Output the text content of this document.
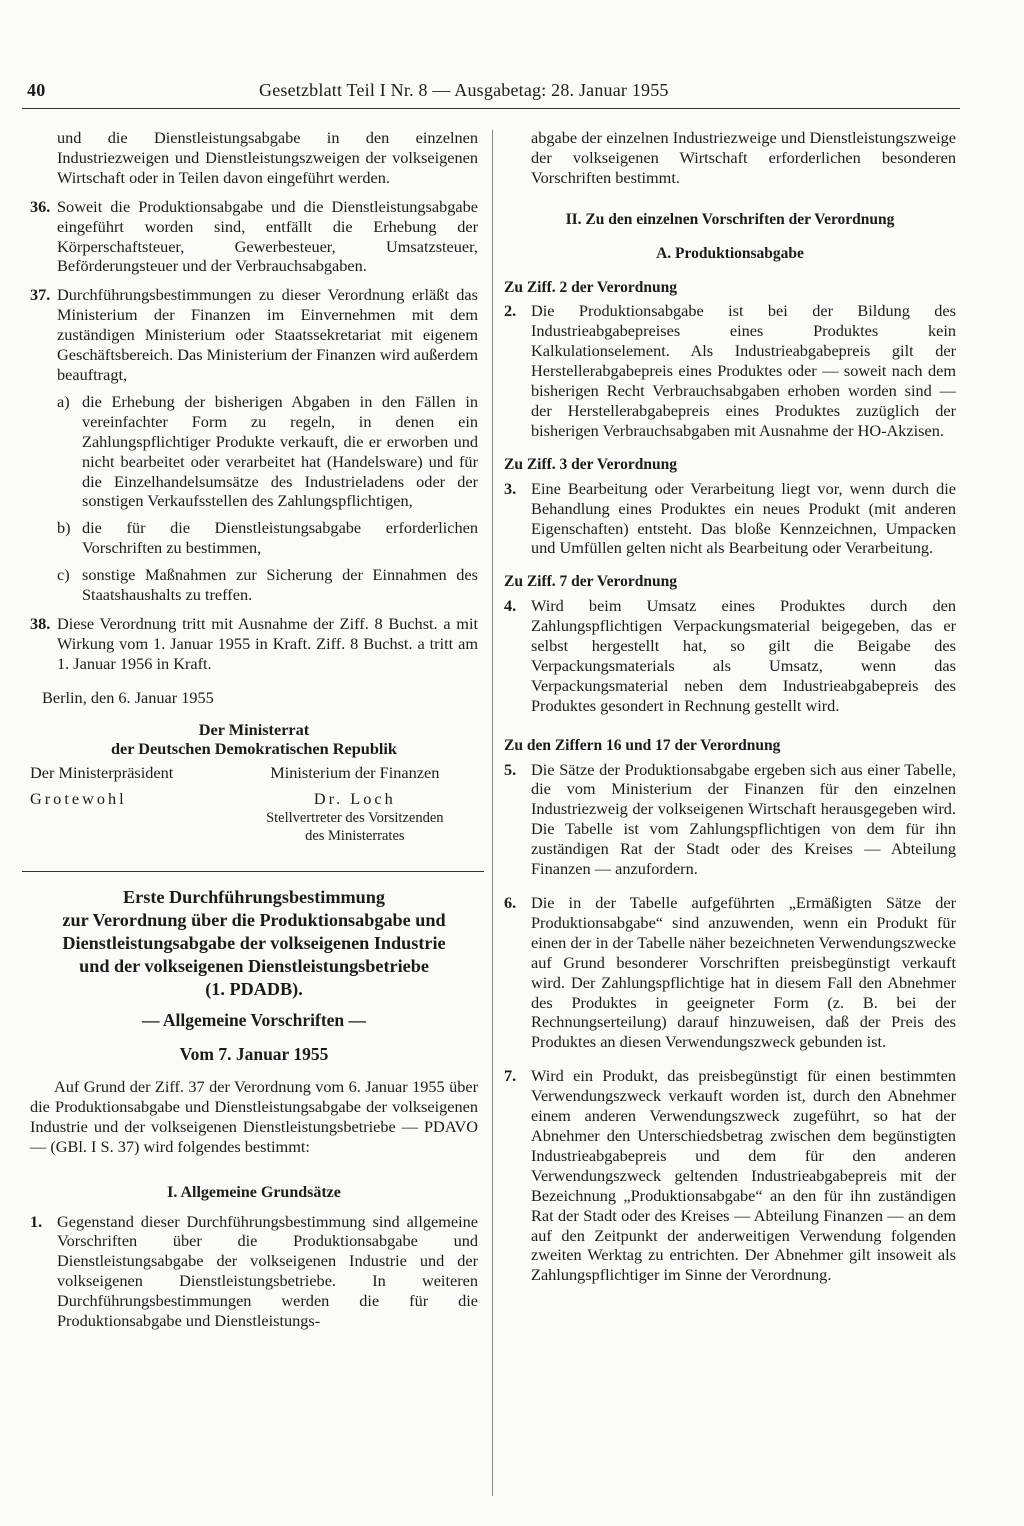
40	Gesetzblatt Teil I Nr. 8 — Ausgabetag: 28. Januar 1955

und die Dienstleistungsabgabe in den einzelnen Industriezweigen und Dienstleistungszweigen der volkseigenen Wirtschaft oder in Teilen davon eingeführt werden.

36. Soweit die Produktionsabgabe und die Dienstleistungsabgabe eingeführt worden sind, entfällt die Erhebung der Körperschaftsteuer, Gewerbesteuer, Umsatzsteuer, Beförderungsteuer und der Verbrauchsabgaben.
37. Durchführungsbestimmungen zu dieser Verordnung erläßt das Ministerium der Finanzen im Einvernehmen mit dem zuständigen Ministerium oder Staatssekretariat mit eigenem Geschäftsbereich. Das Ministerium der Finanzen wird außerdem beauftragt,
a) die Erhebung der bisherigen Abgaben in den Fällen in vereinfachter Form zu regeln, in denen ein Zahlungspflichtiger Produkte verkauft, die er erworben und nicht bearbeitet oder verarbeitet hat (Handelsware) und für die Einzelhandelsumsätze des Industrieladens oder der sonstigen Verkaufsstellen des Zahlungspflichtigen,
b) die für die Dienstleistungsabgabe erforderlichen Vorschriften zu bestimmen,
c) sonstige Maßnahmen zur Sicherung der Einnahmen des Staatshaushalts zu treffen.
38. Diese Verordnung tritt mit Ausnahme der Ziff. 8 Buchst. a mit Wirkung vom 1. Januar 1955 in Kraft. Ziff. 8 Buchst. a tritt am 1. Januar 1956 in Kraft.

Berlin, den 6. Januar 1955

Der Ministerrat
der Deutschen Demokratischen Republik
Der Ministerpräsident
Grotewohl
Ministerium der Finanzen
Dr. Loch
Stellvertreter des Vorsitzenden
des Ministerrates
Erste Durchführungsbestimmung
zur Verordnung über die Produktionsabgabe und
Dienstleistungsabgabe der volkseigenen Industrie
und der volkseigenen Dienstleistungsbetriebe
(1. PDADB).
— Allgemeine Vorschriften —
Vom 7. Januar 1955

Auf Grund der Ziff. 37 der Verordnung vom 6. Januar 1955 über die Produktionsabgabe und Dienstleistungsabgabe der volkseigenen Industrie und der volkseigenen Dienstleistungsbetriebe — PDAVO — (GBl. I S. 37) wird folgendes bestimmt:

I. Allgemeine Grundsätze
1. Gegenstand dieser Durchführungsbestimmung sind allgemeine Vorschriften über die Produktionsabgabe und Dienstleistungsabgabe der volkseigenen Industrie und der volkseigenen Dienstleistungsbetriebe. In weiteren Durchführungsbestimmungen werden die für die Produktionsabgabe und Dienstleistungs-

abgabe der einzelnen Industriezweige und Dienstleistungszweige der volkseigenen Wirtschaft erforderlichen besonderen Vorschriften bestimmt.

II. Zu den einzelnen Vorschriften der Verordnung
A. Produktionsabgabe
Zu Ziff. 2 der Verordnung
2. Die Produktionsabgabe ist bei der Bildung des Industrieabgabepreises eines Produktes kein Kalkulationselement. Als Industrieabgabepreis gilt der Herstellerabgabepreis eines Produktes oder — soweit nach dem bisherigen Recht Verbrauchsabgaben erhoben worden sind — der Herstellerabgabepreis eines Produktes zuzüglich der bisherigen Verbrauchsabgaben mit Ausnahme der HO-Akzisen.
Zu Ziff. 3 der Verordnung
3. Eine Bearbeitung oder Verarbeitung liegt vor, wenn durch die Behandlung eines Produktes ein neues Produkt (mit anderen Eigenschaften) entsteht. Das bloße Kennzeichnen, Umpacken und Umfüllen gelten nicht als Bearbeitung oder Verarbeitung.
Zu Ziff. 7 der Verordnung
4. Wird beim Umsatz eines Produktes durch den Zahlungspflichtigen Verpackungsmaterial beigegeben, das er selbst hergestellt hat, so gilt die Beigabe des Verpackungsmaterials als Umsatz, wenn das Verpackungsmaterial neben dem Industrieabgabepreis des Produktes gesondert in Rechnung gestellt wird.
Zu den Ziffern 16 und 17 der Verordnung
5. Die Sätze der Produktionsabgabe ergeben sich aus einer Tabelle, die vom Ministerium der Finanzen für den einzelnen Industriezweig der volkseigenen Wirtschaft herausgegeben wird. Die Tabelle ist vom Zahlungspflichtigen von dem für ihn zuständigen Rat der Stadt oder des Kreises — Abteilung Finanzen — anzufordern.
6. Die in der Tabelle aufgeführten „Ermäßigten Sätze der Produktionsabgabe“ sind anzuwenden, wenn ein Produkt für einen der in der Tabelle näher bezeichneten Verwendungszwecke auf Grund besonderer Vorschriften preisbegünstigt verkauft wird. Der Zahlungspflichtige hat in diesem Fall den Abnehmer des Produktes in geeigneter Form (z. B. bei der Rechnungserteilung) darauf hinzuweisen, daß der Preis des Produktes an diesen Verwendungszweck gebunden ist.
7. Wird ein Produkt, das preisbegünstigt für einen bestimmten Verwendungszweck verkauft worden ist, durch den Abnehmer einem anderen Verwendungszweck zugeführt, so hat der Abnehmer den Unterschiedsbetrag zwischen dem begünstigten Industrieabgabepreis und dem für den anderen Verwendungszweck geltenden Industrieabgabepreis mit der Bezeichnung „Produktionsabgabe“ an den für ihn zuständigen Rat der Stadt oder des Kreises — Abteilung Finanzen — an dem auf den Zeitpunkt der anderweitigen Verwendung folgenden zweiten Werktag zu entrichten. Der Abnehmer gilt insoweit als Zahlungspflichtiger im Sinne der Verordnung.
